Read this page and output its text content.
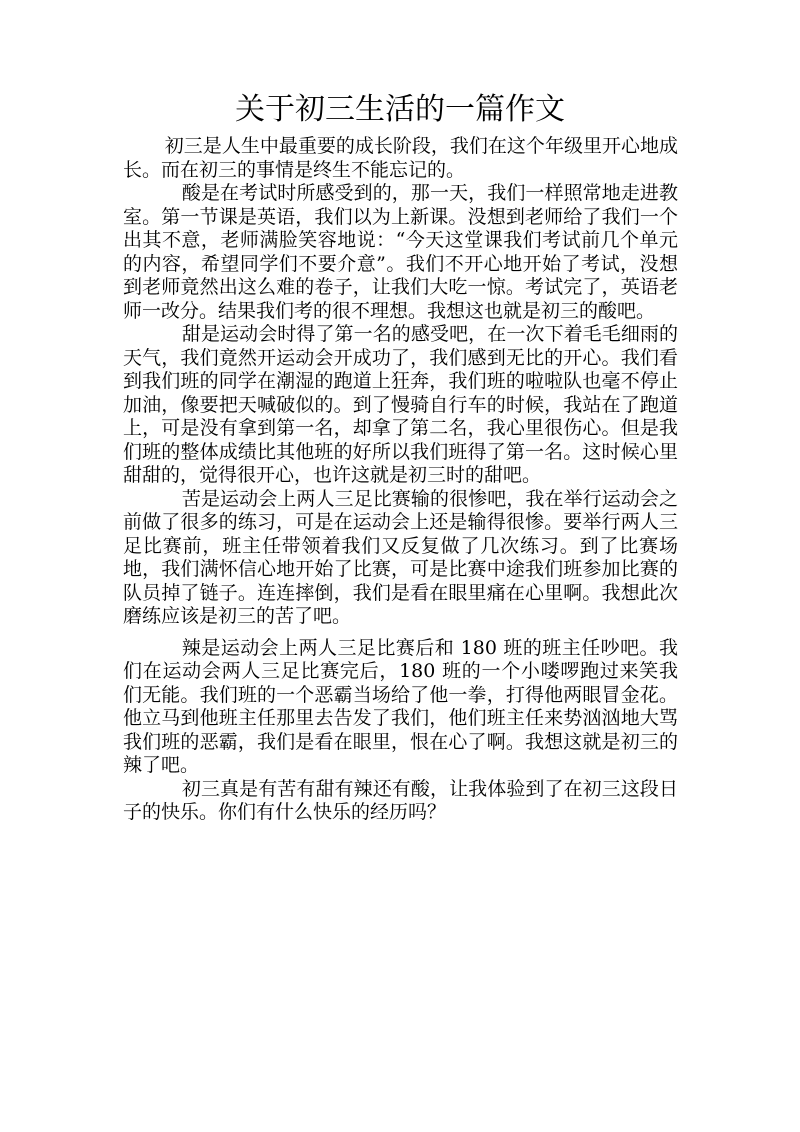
关于初三生活的一篇作文

初三是人生中最重要的成长阶段，我们在这个年级里开心地成长。而在初三的事情是终生不能忘记的。

酸是在考试时所感受到的，那一天，我们一样照常地走进教室。第一节课是英语，我们以为上新课。没想到老师给了我们一个出其不意，老师满脸笑容地说：“今天这堂课我们考试前几个单元的内容，希望同学们不要介意”。我们不开心地开始了考试，没想到老师竟然出这么难的卷子，让我们大吃一惊。考试完了，英语老师一改分。结果我们考的很不理想。我想这也就是初三的酸吧。

甜是运动会时得了第一名的感受吧，在一次下着毛毛细雨的天气，我们竟然开运动会开成功了，我们感到无比的开心。我们看到我们班的同学在潮湿的跑道上狂奔，我们班的啦啦队也毫不停止加油，像要把天喊破似的。到了慢骑自行车的时候，我站在了跑道上，可是没有拿到第一名，却拿了第二名，我心里很伤心。但是我们班的整体成绩比其他班的好所以我们班得了第一名。这时候心里甜甜的，觉得很开心，也许这就是初三时的甜吧。

苦是运动会上两人三足比赛输的很惨吧，我在举行运动会之前做了很多的练习，可是在运动会上还是输得很惨。要举行两人三足比赛前，班主任带领着我们又反复做了几次练习。到了比赛场地，我们满怀信心地开始了比赛，可是比赛中途我们班参加比赛的队员掉了链子。连连摔倒，我们是看在眼里痛在心里啊。我想此次磨练应该是初三的苦了吧。

辣是运动会上两人三足比赛后和 180 班的班主任吵吧。我们在运动会两人三足比赛完后，180 班的一个小喽啰跑过来笑我们无能。我们班的一个恶霸当场给了他一拳，打得他两眼冒金花。他立马到他班主任那里去告发了我们，他们班主任来势汹汹地大骂我们班的恶霸，我们是看在眼里，恨在心了啊。我想这就是初三的辣了吧。

初三真是有苦有甜有辣还有酸，让我体验到了在初三这段日子的快乐。你们有什么快乐的经历吗？
